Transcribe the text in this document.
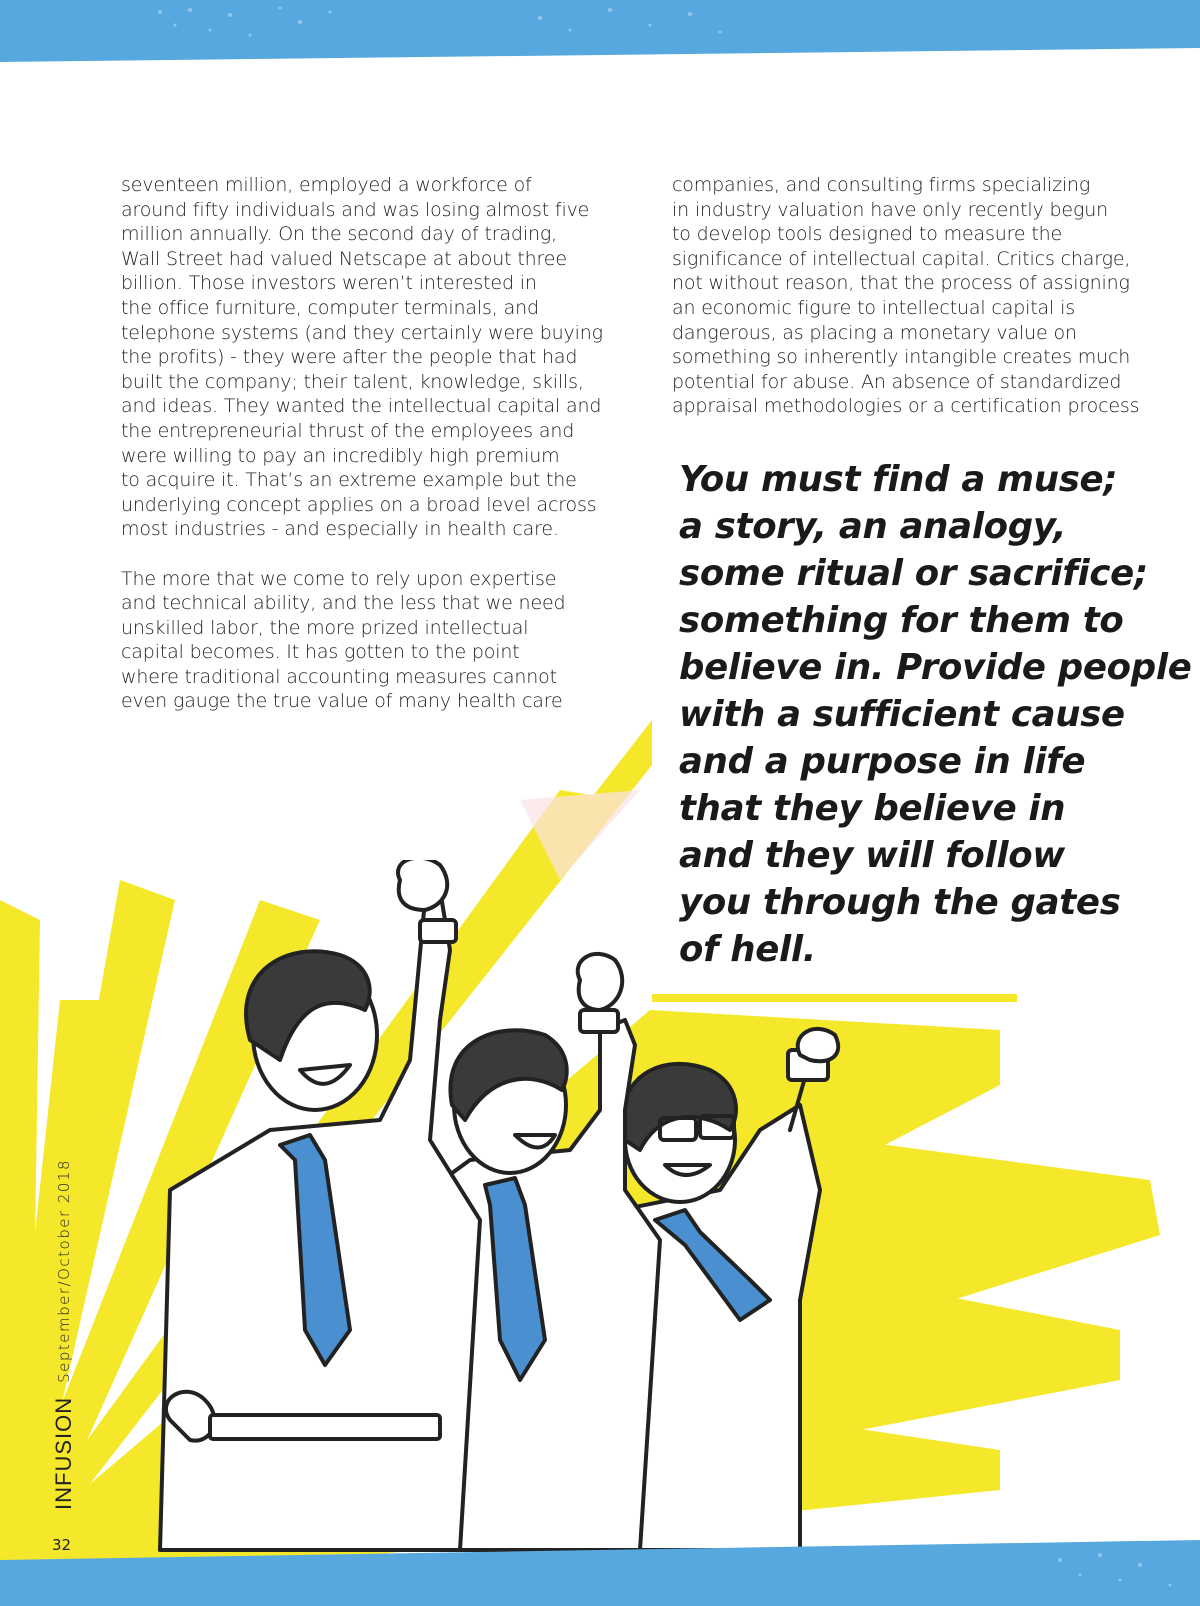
seventeen million, employed a workforce of
around fifty individuals and was losing almost five
million annually. On the second day of trading,
Wall Street had valued Netscape at about three
billion. Those investors weren’t interested in
the office furniture, computer terminals, and
telephone systems (and they certainly were buying
the profits) - they were after the people that had
built the company; their talent, knowledge, skills,
and ideas. They wanted the intellectual capital and
the entrepreneurial thrust of the employees and
were willing to pay an incredibly high premium
to acquire it. That’s an extreme example but the
underlying concept applies on a broad level across
most industries - and especially in health care.
The more that we come to rely upon expertise
and technical ability, and the less that we need
unskilled labor, the more prized intellectual
capital becomes. It has gotten to the point
where traditional accounting measures cannot
even gauge the true value of many health care
companies, and consulting firms specializing
in industry valuation have only recently begun
to develop tools designed to measure the
significance of intellectual capital. Critics charge,
not without reason, that the process of assigning
an economic figure to intellectual capital is
dangerous, as placing a monetary value on
something so inherently intangible creates much
potential for abuse. An absence of standardized
appraisal methodologies or a certification process
You must find a muse;
a story, an analogy,
some ritual or sacrifice;
something for them to
believe in. Provide people
with a sufficient cause
and a purpose in life
that they believe in
and they will follow
you through the gates
of hell.
INFUSION
September/October 2018
32
